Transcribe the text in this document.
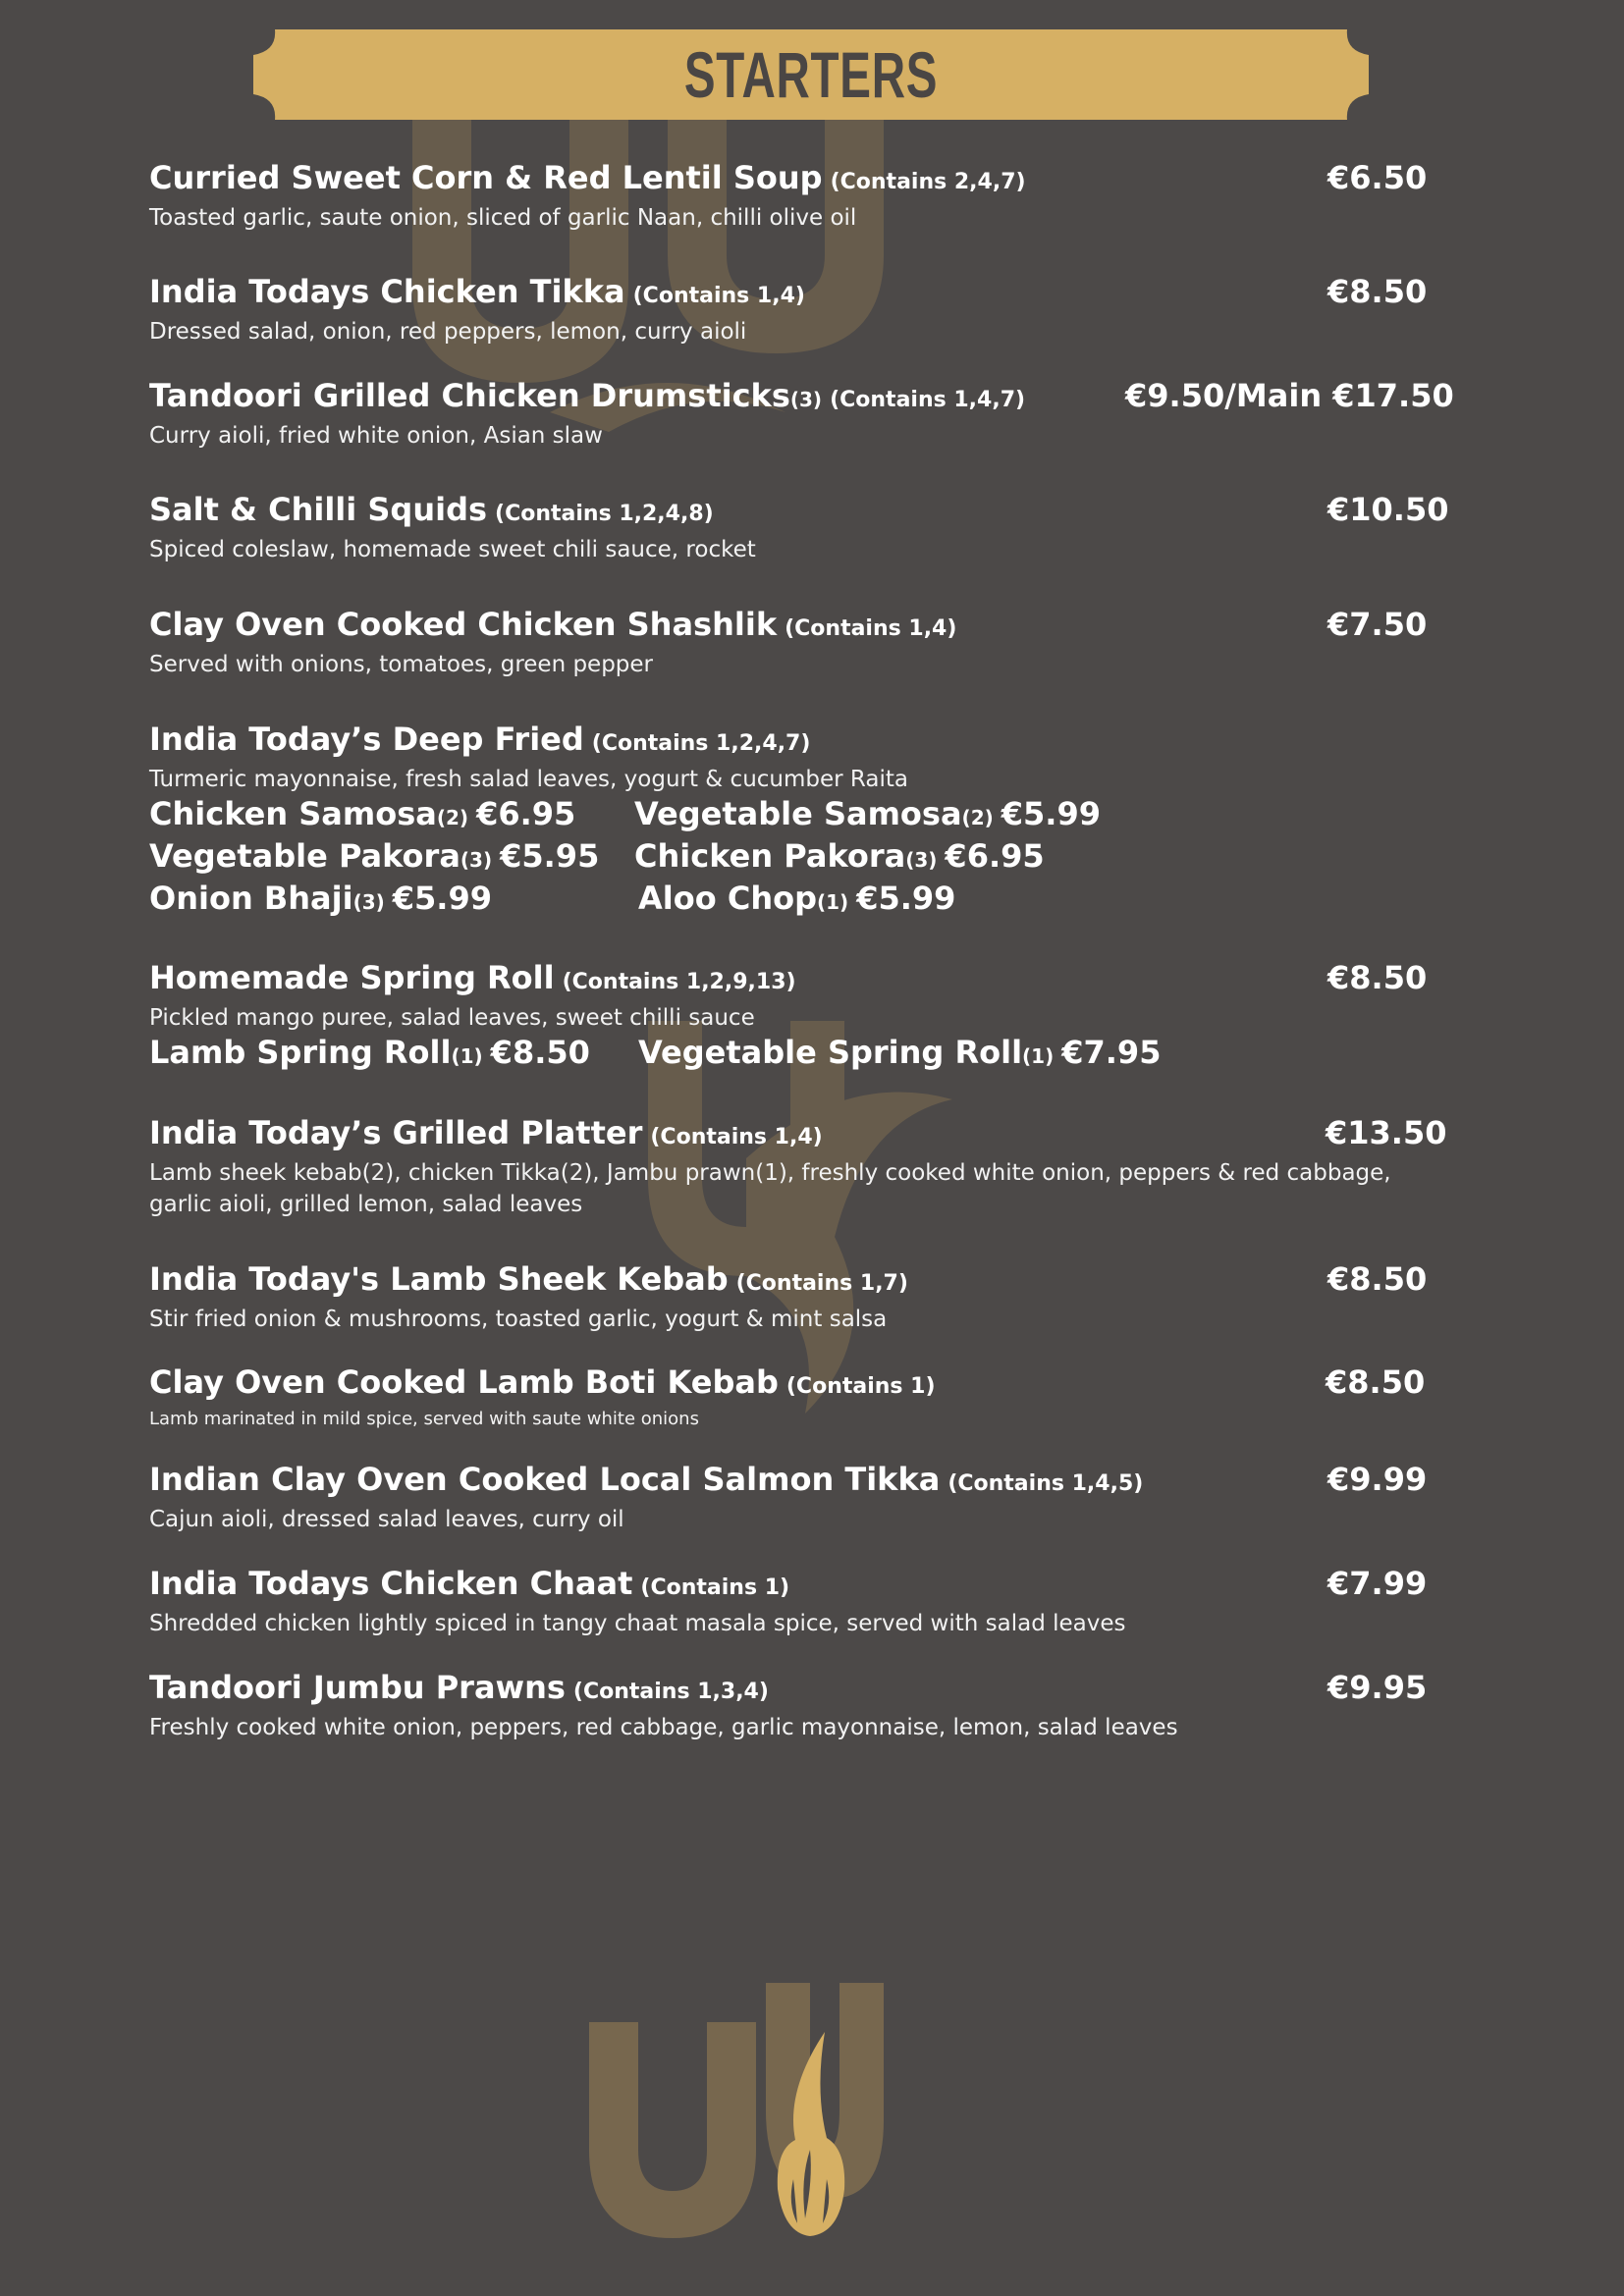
STARTERS
Curried Sweet Corn & Red Lentil Soup (Contains 2,4,7)	€6.50
Toasted garlic, saute onion, sliced of garlic Naan, chilli olive oil
India Todays Chicken Tikka (Contains 1,4)	€8.50
Dressed salad, onion, red peppers, lemon, curry aioli
Tandoori Grilled Chicken Drumsticks(3) (Contains 1,4,7)	€9.50/Main €17.50
Curry aioli, fried white onion, Asian slaw
Salt & Chilli Squids (Contains 1,2,4,8)	€10.50
Spiced coleslaw, homemade sweet chili sauce, rocket
Clay Oven Cooked Chicken Shashlik (Contains 1,4)	€7.50
Served with onions, tomatoes, green pepper
India Today’s Deep Fried (Contains 1,2,4,7)
Turmeric mayonnaise, fresh salad leaves, yogurt & cucumber Raita
Chicken Samosa(2) €6.95 Vegetable Samosa(2) €5.99
Vegetable Pakora(3) €5.95 Chicken Pakora(3) €6.95
Onion Bhaji(3) €5.99	Aloo Chop(1) €5.99
Homemade Spring Roll (Contains 1,2,9,13)	€8.50
Pickled mango puree, salad leaves, sweet chilli sauce
Lamb Spring Roll(1) €8.50 Vegetable Spring Roll(1) €7.95
India Today’s Grilled Platter (Contains 1,4)	€13.50
Lamb sheek kebab(2), chicken Tikka(2), Jambu prawn(1), freshly cooked white onion, peppers & red cabbage, garlic aioli, grilled lemon, salad leaves
India Today's Lamb Sheek Kebab (Contains 1,7)	€8.50
Stir fried onion & mushrooms, toasted garlic, yogurt & mint salsa
Clay Oven Cooked Lamb Boti Kebab (Contains 1)	€8.50
Lamb marinated in mild spice, served with saute white onions
Indian Clay Oven Cooked Local Salmon Tikka (Contains 1,4,5)	€9.99
Cajun aioli, dressed salad leaves, curry oil
India Todays Chicken Chaat (Contains 1)	€7.99
Shredded chicken lightly spiced in tangy chaat masala spice, served with salad leaves
Tandoori Jumbu Prawns (Contains 1,3,4)	€9.95
Freshly cooked white onion, peppers, red cabbage, garlic mayonnaise, lemon, salad leaves
